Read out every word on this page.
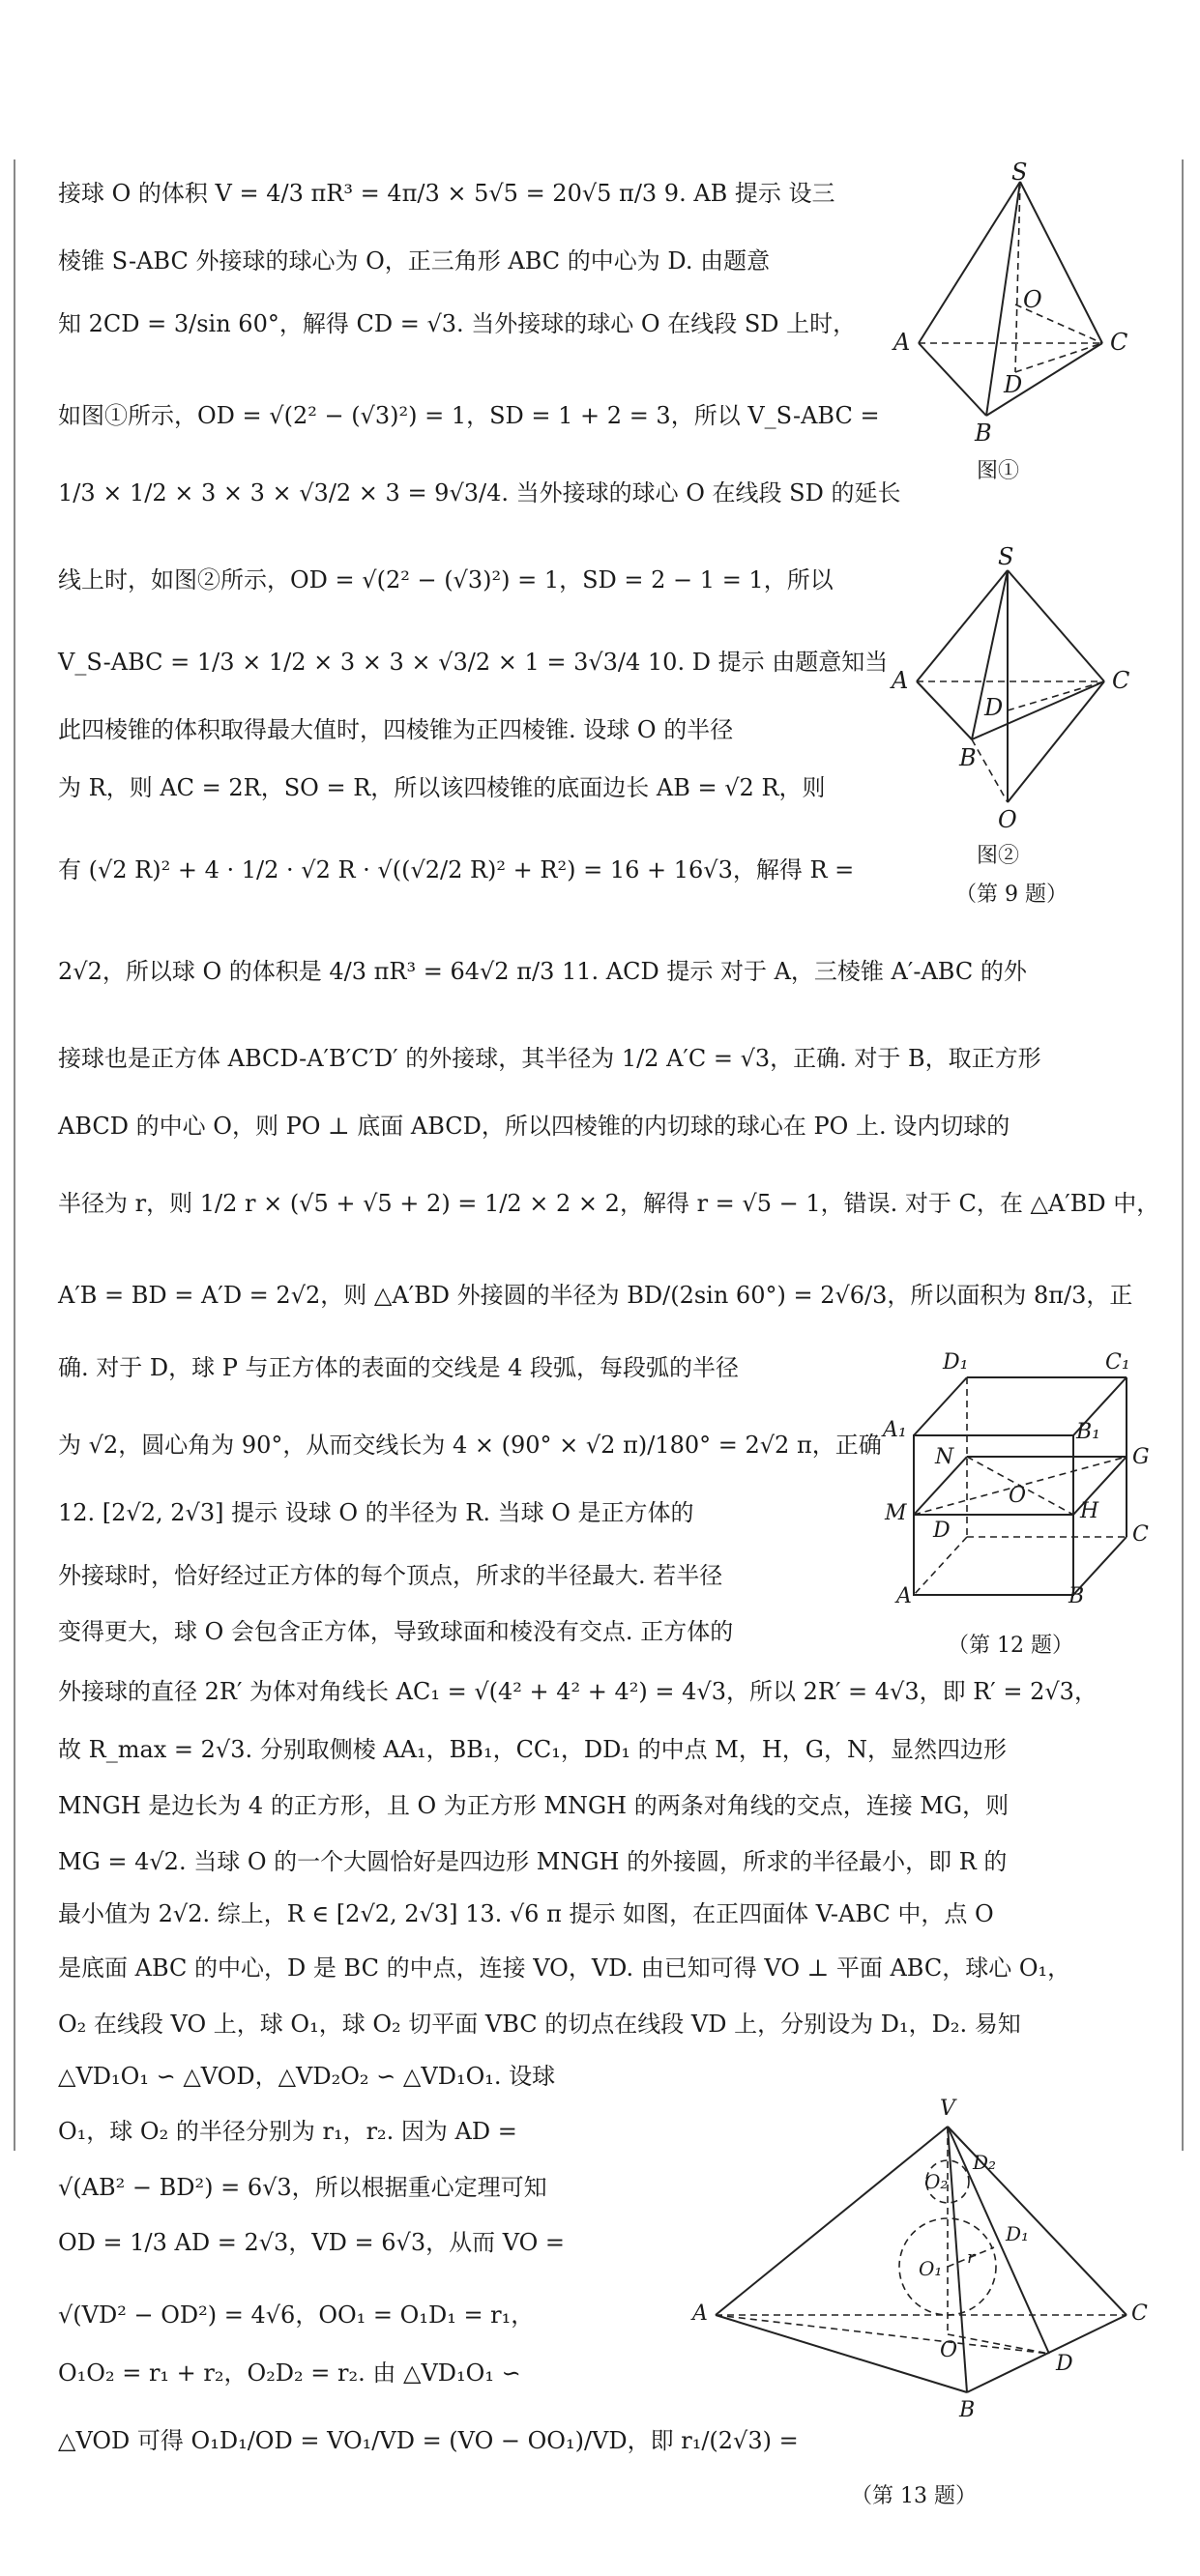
接球 O 的体积 V = 4/3 πR³ = 4π/3 × 5√5 = 20√5 π/3 9. AB 提示 设三
棱锥 S-ABC 外接球的球心为 O，正三角形 ABC 的中心为 D. 由题意
知 2CD = 3/sin 60°，解得 CD = √3. 当外接球的球心 O 在线段 SD 上时，
如图①所示，OD = √(2² − (√3)²) = 1，SD = 1 + 2 = 3，所以 V_S-ABC =
1/3 × 1/2 × 3 × 3 × √3/2 × 3 = 9√3/4. 当外接球的球心 O 在线段 SD 的延长
线上时，如图②所示，OD = √(2² − (√3)²) = 1，SD = 2 − 1 = 1，所以
V_S-ABC = 1/3 × 1/2 × 3 × 3 × √3/2 × 1 = 3√3/4 10. D 提示 由题意知当
此四棱锥的体积取得最大值时，四棱锥为正四棱锥. 设球 O 的半径
为 R，则 AC = 2R，SO = R，所以该四棱锥的底面边长 AB = √2 R，则
有 (√2 R)² + 4 · 1/2 · √2 R · √((√2/2 R)² + R²) = 16 + 16√3，解得 R =
2√2，所以球 O 的体积是 4/3 πR³ = 64√2 π/3 11. ACD 提示 对于 A，三棱锥 A′-ABC 的外
接球也是正方体 ABCD-A′B′C′D′ 的外接球，其半径为 1/2 A′C = √3，正确. 对于 B，取正方形
ABCD 的中心 O，则 PO ⊥ 底面 ABCD，所以四棱锥的内切球的球心在 PO 上. 设内切球的
半径为 r，则 1/2 r × (√5 + √5 + 2) = 1/2 × 2 × 2，解得 r = √5 − 1，错误. 对于 C，在 △A′BD 中，
A′B = BD = A′D = 2√2，则 △A′BD 外接圆的半径为 BD/(2sin 60°) = 2√6/3，所以面积为 8π/3，正
确. 对于 D，球 P 与正方体的表面的交线是 4 段弧，每段弧的半径
为 √2，圆心角为 90°，从而交线长为 4 × (90° × √2 π)/180° = 2√2 π，正确
12. [2√2, 2√3] 提示 设球 O 的半径为 R. 当球 O 是正方体的
外接球时，恰好经过正方体的每个顶点，所求的半径最大. 若半径
变得更大，球 O 会包含正方体，导致球面和棱没有交点. 正方体的
外接球的直径 2R′ 为体对角线长 AC₁ = √(4² + 4² + 4²) = 4√3，所以 2R′ = 4√3，即 R′ = 2√3，
故 R_max = 2√3. 分别取侧棱 AA₁，BB₁，CC₁，DD₁ 的中点 M，H，G，N，显然四边形
MNGH 是边长为 4 的正方形，且 O 为正方形 MNGH 的两条对角线的交点，连接 MG，则
MG = 4√2. 当球 O 的一个大圆恰好是四边形 MNGH 的外接圆，所求的半径最小，即 R 的
最小值为 2√2. 综上，R ∈ [2√2, 2√3] 13. √6 π 提示 如图，在正四面体 V-ABC 中，点 O
是底面 ABC 的中心，D 是 BC 的中点，连接 VO，VD. 由已知可得 VO ⊥ 平面 ABC，球心 O₁，
O₂ 在线段 VO 上，球 O₁，球 O₂ 切平面 VBC 的切点在线段 VD 上，分别设为 D₁，D₂. 易知
△VD₁O₁ ∽ △VOD，△VD₂O₂ ∽ △VD₁O₁. 设球
O₁，球 O₂ 的半径分别为 r₁，r₂. 因为 AD =
√(AB² − BD²) = 6√3，所以根据重心定理可知
OD = 1/3 AD = 2√3，VD = 6√3，从而 VO =
√(VD² − OD²) = 4√6，OO₁ = O₁D₁ = r₁，
O₁O₂ = r₁ + r₂，O₂D₂ = r₂. 由 △VD₁O₁ ∽
△VOD 可得 O₁D₁/OD = VO₁/VD = (VO − OO₁)/VD，即 r₁/(2√3) =
S
O
A	C
D
B
图①
S
A	C
D
B
O
图②
（第 9 题）
D₁	C₁
A₁	B₁
N	G
O
M	H
D	C
A	B
（第 12 题）
V
O₂
D₂
D₁
O₁ r
A	C
O
D
B
（第 13 题）
